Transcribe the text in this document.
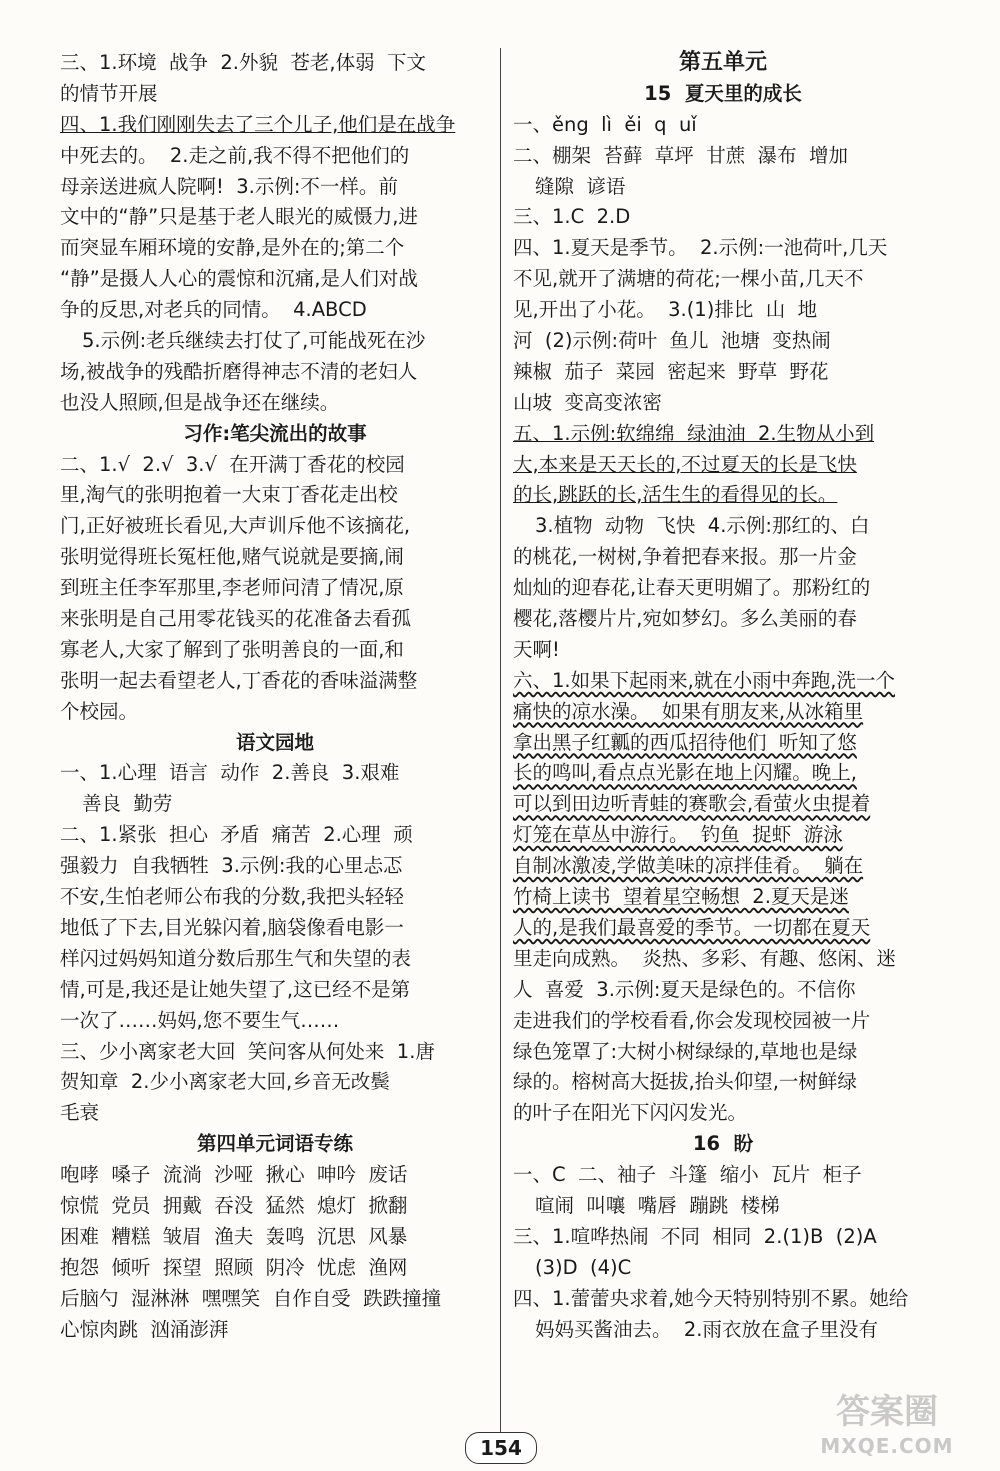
三、1.环境  战争  2.外貌  苍老,体弱  下文
的情节开展
四、1.我们刚刚失去了三个儿子,他们是在战争
中死去的。  2.走之前,我不得不把他们的
母亲送进疯人院啊!  3.示例:不一样。前
文中的“静”只是基于老人眼光的威慑力,进
而突显车厢环境的安静,是外在的;第二个
“静”是摄人人心的震惊和沉痛,是人们对战
争的反思,对老兵的同情。  4.ABCD
5.示例:老兵继续去打仗了,可能战死在沙
场,被战争的残酷折磨得神志不清的老妇人
也没人照顾,但是战争还在继续。
习作:笔尖流出的故事
二、1.√  2.√  3.√  在开满丁香花的校园
里,淘气的张明抱着一大束丁香花走出校
门,正好被班长看见,大声训斥他不该摘花,
张明觉得班长冤枉他,赌气说就是要摘,闹
到班主任李军那里,李老师问清了情况,原
来张明是自己用零花钱买的花准备去看孤
寡老人,大家了解到了张明善良的一面,和
张明一起去看望老人,丁香花的香味溢满整
个校园。
语文园地
一、1.心理  语言  动作  2.善良  3.艰难
善良  勤劳
二、1.紧张  担心  矛盾  痛苦  2.心理  顽
强毅力  自我牺牲  3.示例:我的心里忐忑
不安,生怕老师公布我的分数,我把头轻轻
地低了下去,目光躲闪着,脑袋像看电影一
样闪过妈妈知道分数后那生气和失望的表
情,可是,我还是让她失望了,这已经不是第
一次了……妈妈,您不要生气……
三、少小离家老大回  笑问客从何处来  1.唐
贺知章  2.少小离家老大回,乡音无改鬓
毛衰
第四单元词语专练
咆哮  嗓子  流淌  沙哑  揪心  呻吟  废话
惊慌  党员  拥戴  吞没  猛然  熄灯  掀翻
困难  糟糕  皱眉  渔夫  轰鸣  沉思  风暴
抱怨  倾听  探望  照顾  阴冷  忧虑  渔网
后脑勺  湿淋淋  嘿嘿笑  自作自受  跌跌撞撞
心惊肉跳  汹涌澎湃
第五单元
15  夏天里的成长
一、ěng  lì  ěi  q  uǐ
二、棚架  苔藓  草坪  甘蔗  瀑布  增加
缝隙  谚语
三、1.C  2.D
四、1.夏天是季节。  2.示例:一池荷叶,几天
不见,就开了满塘的荷花;一棵小苗,几天不
见,开出了小花。  3.(1)排比  山  地
河  (2)示例:荷叶  鱼儿  池塘  变热闹
辣椒  茄子  菜园  密起来  野草  野花
山坡  变高变浓密
五、1.示例:软绵绵  绿油油  2.生物从小到
大,本来是天天长的,不过夏天的长是飞快
的长,跳跃的长,活生生的看得见的长。
3.植物  动物  飞快  4.示例:那红的、白
的桃花,一树树,争着把春来报。那一片金
灿灿的迎春花,让春天更明媚了。那粉红的
樱花,落樱片片,宛如梦幻。多么美丽的春
天啊!
六、1.如果下起雨来,就在小雨中奔跑,洗一个
痛快的凉水澡。  如果有朋友来,从冰箱里
拿出黑子红瓤的西瓜招待他们  听知了悠
长的鸣叫,看点点光影在地上闪耀。晚上,
可以到田边听青蛙的赛歌会,看萤火虫提着
灯笼在草丛中游行。  钓鱼  捉虾  游泳
自制冰激凌,学做美味的凉拌佳肴。  躺在
竹椅上读书  望着星空畅想  2.夏天是迷
人的,是我们最喜爱的季节。一切都在夏天
里走向成熟。  炎热、多彩、有趣、悠闲、迷
人  喜爱  3.示例:夏天是绿色的。不信你
走进我们的学校看看,你会发现校园被一片
绿色笼罩了:大树小树绿绿的,草地也是绿
绿的。榕树高大挺拔,抬头仰望,一树鲜绿
的叶子在阳光下闪闪发光。
16  盼
一、C  二、袖子  斗篷  缩小  瓦片  柜子
喧闹  叫嚷  嘴唇  蹦跳  楼梯
三、1.喧哗热闹  不同  相同  2.(1)B  (2)A
(3)D  (4)C
四、1.蕾蕾央求着,她今天特别特别不累。她给
妈妈买酱油去。  2.雨衣放在盒子里没有
154
答案圈
MXQE.COM
